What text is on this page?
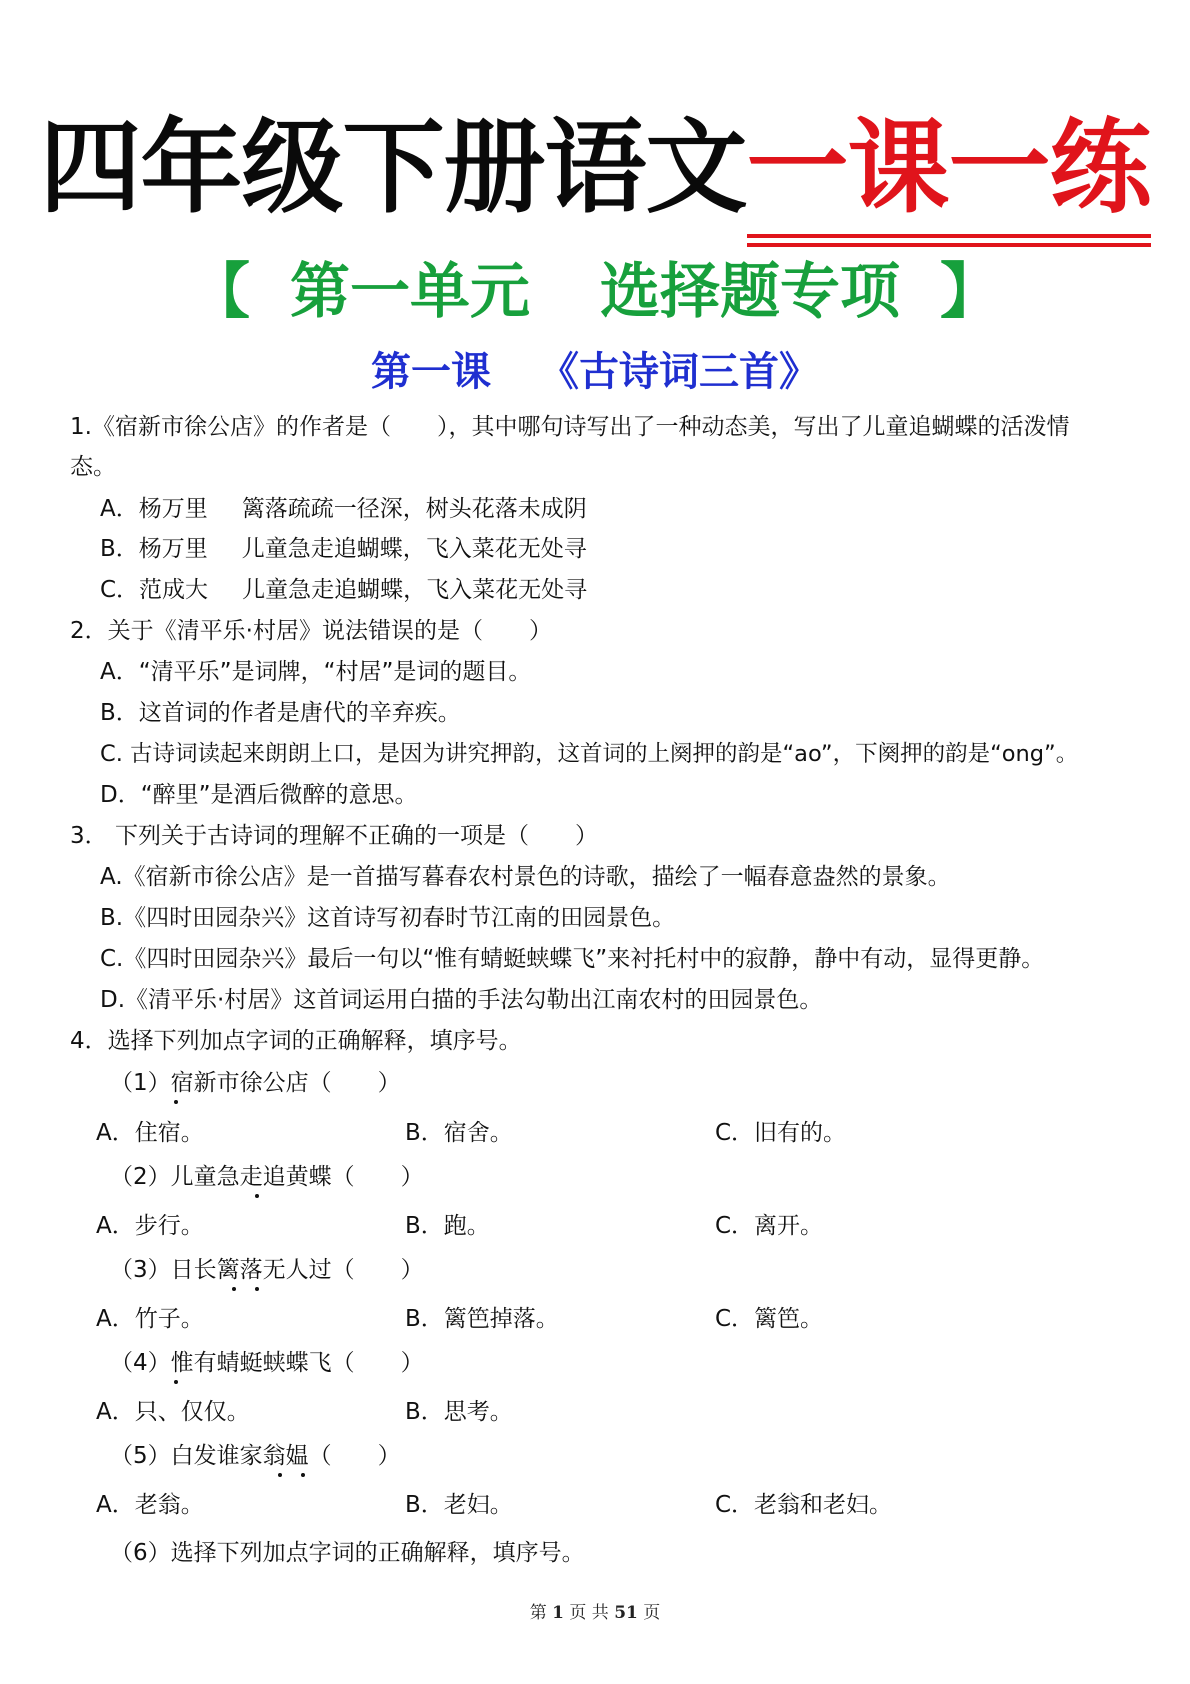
四年级下册语文一课一练
【 第一单元 选择题专项 】
第一课 《古诗词三首》
1.《宿新市徐公店》的作者是（　　），其中哪句诗写出了一种动态美，写出了儿童追蝴蝶的活泼情
态。
A．杨万里 篱落疏疏一径深，树头花落未成阴
B．杨万里 儿童急走追蝴蝶，飞入菜花无处寻
C．范成大 儿童急走追蝴蝶，飞入菜花无处寻
2．关于《清平乐·村居》说法错误的是（　　）
A．“清平乐”是词牌，“村居”是词的题目。
B．这首词的作者是唐代的辛弃疾。
C. 古诗词读起来朗朗上口，是因为讲究押韵，这首词的上阕押的韵是“ao”，下阕押的韵是“ong”。
D．“醉里”是酒后微醉的意思。
3． 下列关于古诗词的理解不正确的一项是（　　）
A.《宿新市徐公店》是一首描写暮春农村景色的诗歌，描绘了一幅春意盎然的景象。
B.《四时田园杂兴》这首诗写初春时节江南的田园景色。
C.《四时田园杂兴》最后一句以“惟有蜻蜓蛱蝶飞”来衬托村中的寂静，静中有动，显得更静。
D.《清平乐·村居》这首词运用白描的手法勾勒出江南农村的田园景色。
4．选择下列加点字词的正确解释，填序号。
（1）宿新市徐公店（　　）
A．住宿。	B．宿舍。	C．旧有的。
（2）儿童急走追黄蝶（　　）
A．步行。	B．跑。	C．离开。
（3）日长篱落无人过（　　）
A．竹子。	B．篱笆掉落。	C．篱笆。
（4）惟有蜻蜓蛱蝶飞（　　）
A．只、仅仅。	B．思考。
（5）白发谁家翁媪（　　）
A．老翁。	B．老妇。	C．老翁和老妇。
（6）选择下列加点字词的正确解释，填序号。
第 1 页 共 51 页
